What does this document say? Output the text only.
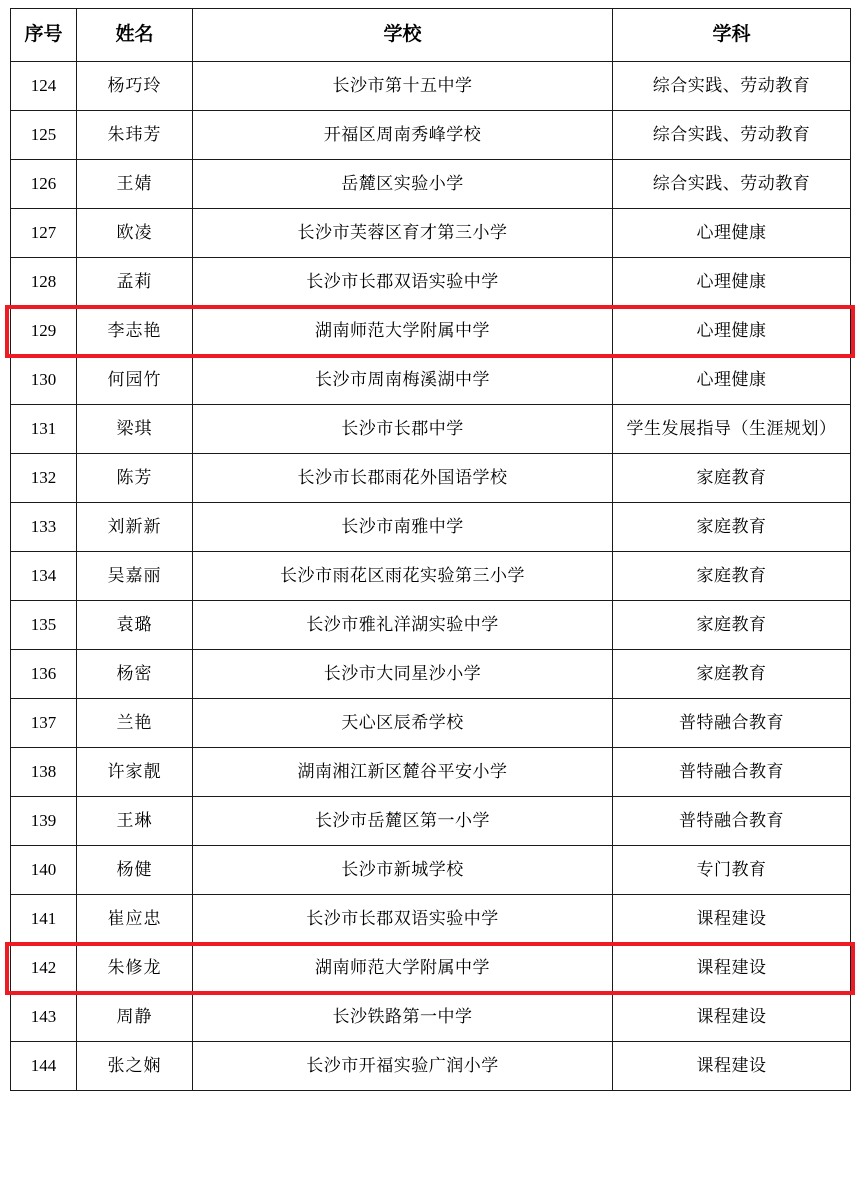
序号	姓名	学校	学科
124	杨巧玲	长沙市第十五中学	综合实践、劳动教育
125	朱玮芳	开福区周南秀峰学校	综合实践、劳动教育
126	王婧	岳麓区实验小学	综合实践、劳动教育
127	欧凌	长沙市芙蓉区育才第三小学	心理健康
128	孟莉	长沙市长郡双语实验中学	心理健康
129	李志艳	湖南师范大学附属中学	心理健康
130	何园竹	长沙市周南梅溪湖中学	心理健康
131	梁琪	长沙市长郡中学	学生发展指导（生涯规划）
132	陈芳	长沙市长郡雨花外国语学校	家庭教育
133	刘新新	长沙市南雅中学	家庭教育
134	吴嘉丽	长沙市雨花区雨花实验第三小学	家庭教育
135	袁璐	长沙市雅礼洋湖实验中学	家庭教育
136	杨密	长沙市大同星沙小学	家庭教育
137	兰艳	天心区辰希学校	普特融合教育
138	许家靓	湖南湘江新区麓谷平安小学	普特融合教育
139	王琳	长沙市岳麓区第一小学	普特融合教育
140	杨健	长沙市新城学校	专门教育
141	崔应忠	长沙市长郡双语实验中学	课程建设
142	朱修龙	湖南师范大学附属中学	课程建设
143	周静	长沙铁路第一中学	课程建设
144	张之娴	长沙市开福实验广润小学	课程建设
